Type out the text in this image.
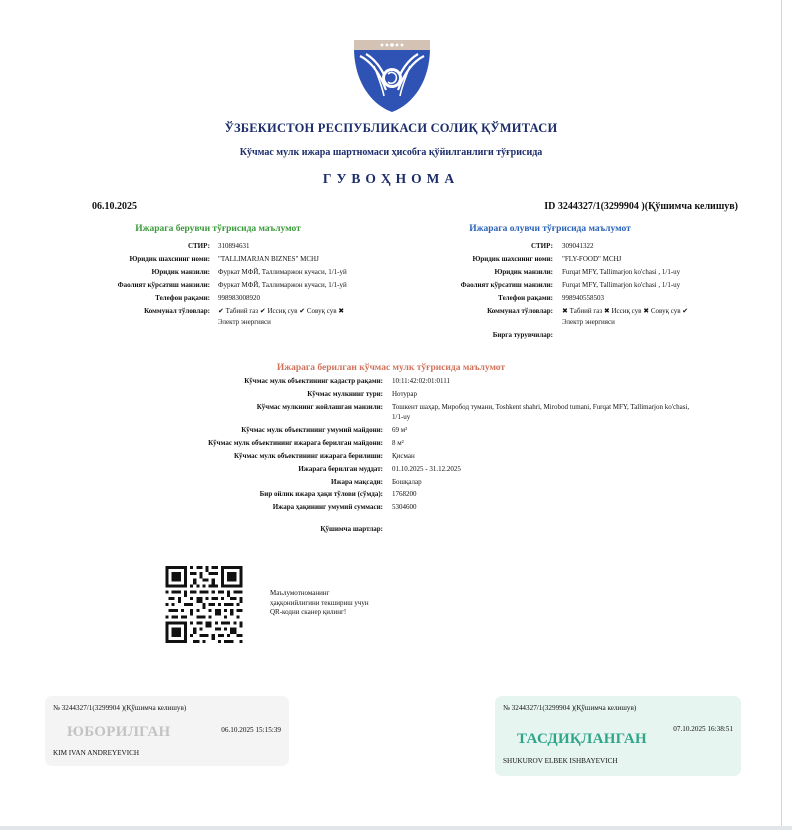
ЎЗБЕКИСТОН РЕСПУБЛИКАСИ СОЛИҚ ҚЎМИТАСИ
Кўчмас мулк ижара шартномаси ҳисобга қўйилганлиги тўғрисида
ГУВОҲНОМА
06.10.2025	ID 3244327/1(3299904 )(Қўшимча келишув)
Ижарага берувчи тўғрисида маълумот
СТИР: 310894631
Юридик шахснинг номи: "TALLIMARJAN BIZNES" MCHJ
Юридик манзили: Фуркат МФЙ, Таллимаржон кучаси, 1/1-уй
Фаолият кўрсатиш манзили: Фуркат МФЙ, Таллимаржон кучаси, 1/1-уй
Телефон рақами: 998983008920
Коммунал тўловлар: ✔ Табиий газ ✔ Иссиқ сув ✔ Совуқ сув ✖
Электр энергияси
Ижарага олувчи тўғрисида маълумот
СТИР: 309041322
Юридик шахснинг номи: "FLY-FOOD" MCHJ
Юридик манзили: Furqat MFY, Tallimarjon ko'chasi , 1/1-uy
Фаолият кўрсатиш манзили: Furqat MFY, Tallimarjon ko'chasi , 1/1-uy
Телефон рақами: 998940558503
Коммунал тўловлар: ✖ Табиий газ ✖ Иссиқ сув ✖ Совуқ сув ✔
Электр энергияси
Бирга турувчилар:
Ижарага берилган кўчмас мулк тўғрисида маълумот
Кўчмас мулк объектининг кадастр рақами: 10:11:42:02:01:0111
Кўчмас мулкнинг тури: Нотурар
Кўчмас мулкнинг жойлашган манзили: Тошкент шаҳар, Миробод тумани, Toshkent shahri, Mirobod tumani, Furqat MFY, Tallimarjon ko'chasi,
1/1-uy
Кўчмас мулк объектининг умумий майдони: 69 м²
Кўчмас мулк объектининг ижарага берилган майдони: 8 м²
Кўчмас мулк объектининг ижарага берилиши: Қисман
Ижарага берилган муддат: 01.10.2025 - 31.12.2025
Ижара мақсади: Бошқалар
Бир ойлик ижара ҳақи тўлови (сўмда): 1768200
Ижара ҳақининг умумий суммаси: 5304600
Қўшимча шартлар:
Маълумотноманинг
ҳаққонийлигини текшириш учун
QR-кодни сканер қилинг!
№ 3244327/1(3299904 )(Қўшимча келишув)
ЮБОРИЛГАН	06.10.2025 15:15:39
KIM IVAN ANDREYEVICH
№ 3244327/1(3299904 )(Қўшимча келишув)
07.10.2025 16:38:51
ТАСДИҚЛАНГАН
SHUKUROV ELBEK ISHBAYEVICH
